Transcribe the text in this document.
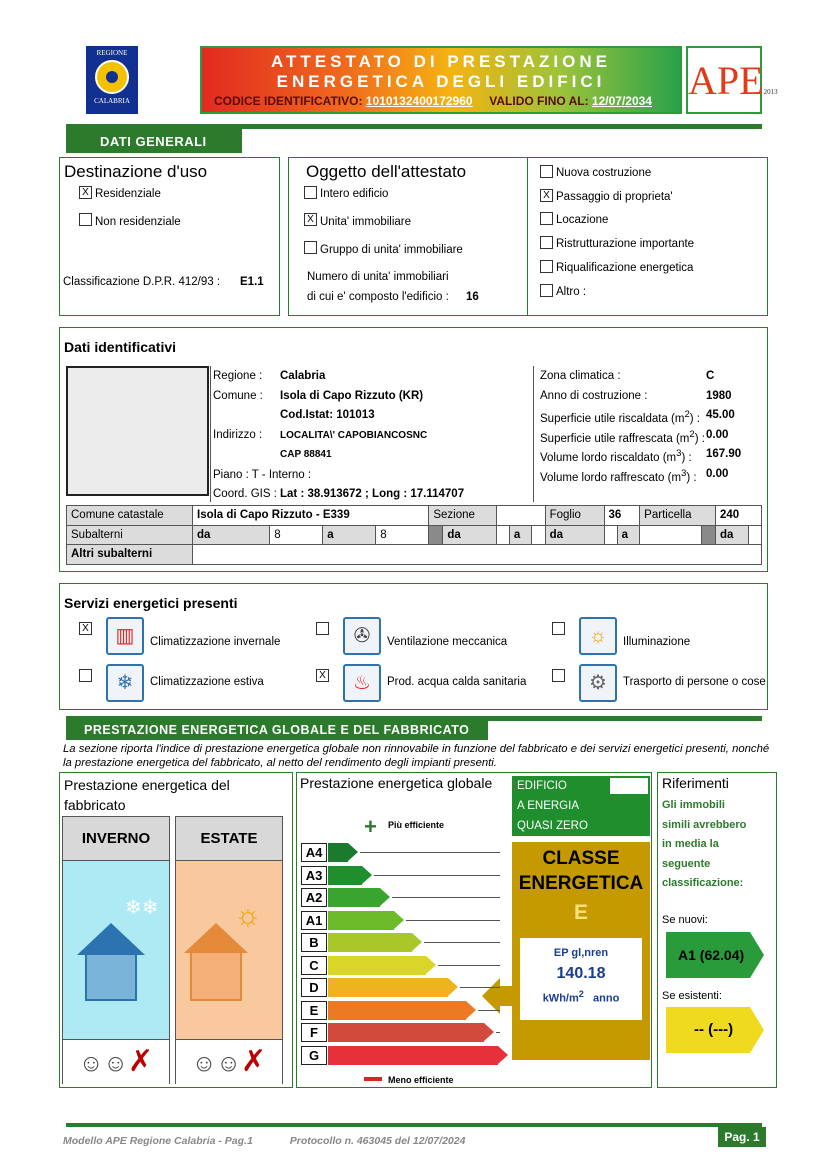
REGIONE
CALABRIA
ATTESTATO DI PRESTAZIONE
ENERGETICA DEGLI EDIFICI
CODICE IDENTIFICATIVO: 1010132400172960 VALIDO FINO AL: 12/07/2034 APE2013
DATI GENERALI
Destinazione d'uso
X
Residenziale
Non residenziale
Classificazione D.P.R. 412/93 : E1.1
Oggetto dell'attestato
Intero edificio
X
Unita' immobiliare
Gruppo di unita' immobiliare
Numero di unita' immobiliari
di cui e' composto l'edificio : 16
Nuova costruzione
X
Passaggio di proprieta'
Locazione
Ristrutturazione importante
Riqualificazione energetica
Altro :
Dati identificativi
Regione : Calabria
Comune : Isola di Capo Rizzuto (KR)
Cod.Istat: 101013
Indirizzo : LOCALITA\' CAPOBIANCOSNC
CAP 88841
Piano : T - Interno :
Coord. GIS : Lat : 38.913672 ; Long : 17.114707
Zona climatica :	C
Anno di costruzione :	1980
Superficie utile riscaldata $(m^2)$ : 45.00
Superficie utile raffrescata $(m^2)$ : 0.00
Volume lordo riscaldato $(m^3)$ : 167.90
Volume lordo raffrescato $(m^3)$ : 0.00
Comune catastale	Isola di Capo Rizzuto - E339				Sezione					Foglio	36		Particella		240	
Subalterni	da	8	a	8		da		a		da		a			da	
Altri subalterni																
Servizi energetici presenti
X
▥	Climatizzazione invernale	✇	Ventilazione meccanica	☼	Illuminazione
❄	Climatizzazione estiva X	♨	Prod. acqua calda sanitaria	⚙	Trasporto di persone o cose
PRESTAZIONE ENERGETICA GLOBALE E DEL FABBRICATO
La sezione riporta l'indice di prestazione energetica globale non rinnovabile in funzione del fabbricato e dei servizi energetici presenti, nonché la prestazione energetica del fabbricato, al netto del rendimento degli impianti presenti.
Prestazione energetica del fabbricato
INVERNO
❄❄
☺☺✗
ESTATE
☼
☺☺✗
Prestazione energetica globale
+ Più efficiente
Meno efficiente
EDIFICIO
A ENERGIA
QUASI ZERO
CLASSE
ENERGETICA
E
EP gl,nren
140.18
kWh/$m^2$ anno
Riferimenti
Gli immobili
simili avrebbero
in media la
seguente
classificazione:
Se nuovi:
A1 (62.04)
Se esistenti:
-- (---)
Modello APE Regione Calabria - Pag.1	Protocollo n. 463045 del 12/07/2024	Pag. 1
A4
A3
A2
A1
B
C
D
E
F
G
